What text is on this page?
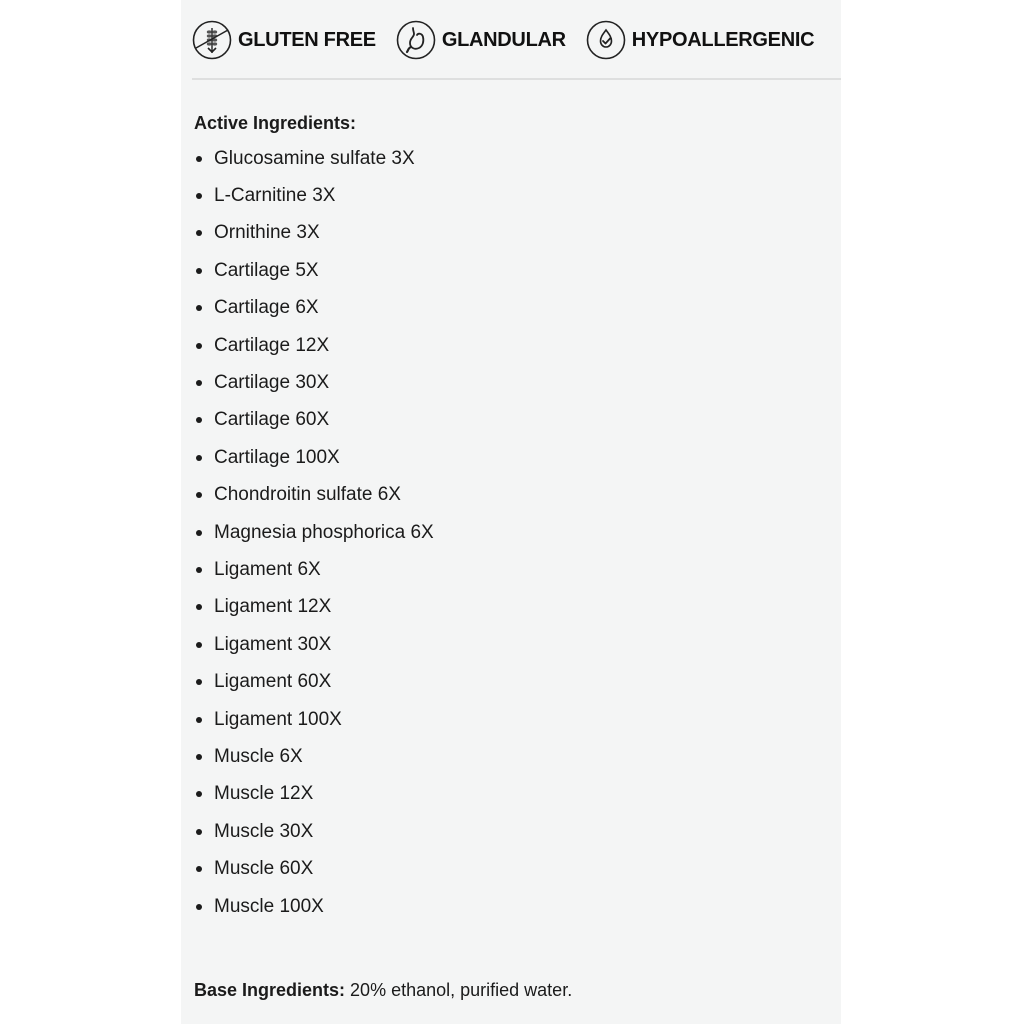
GLUTEN FREE	GLANDULAR	HYPOALLERGENIC
Active Ingredients:
Glucosamine sulfate 3X
L-Carnitine 3X
Ornithine 3X
Cartilage 5X
Cartilage 6X
Cartilage 12X
Cartilage 30X
Cartilage 60X
Cartilage 100X
Chondroitin sulfate 6X
Magnesia phosphorica 6X
Ligament 6X
Ligament 12X
Ligament 30X
Ligament 60X
Ligament 100X
Muscle 6X
Muscle 12X
Muscle 30X
Muscle 60X
Muscle 100X
Base Ingredients: 20% ethanol, purified water.
